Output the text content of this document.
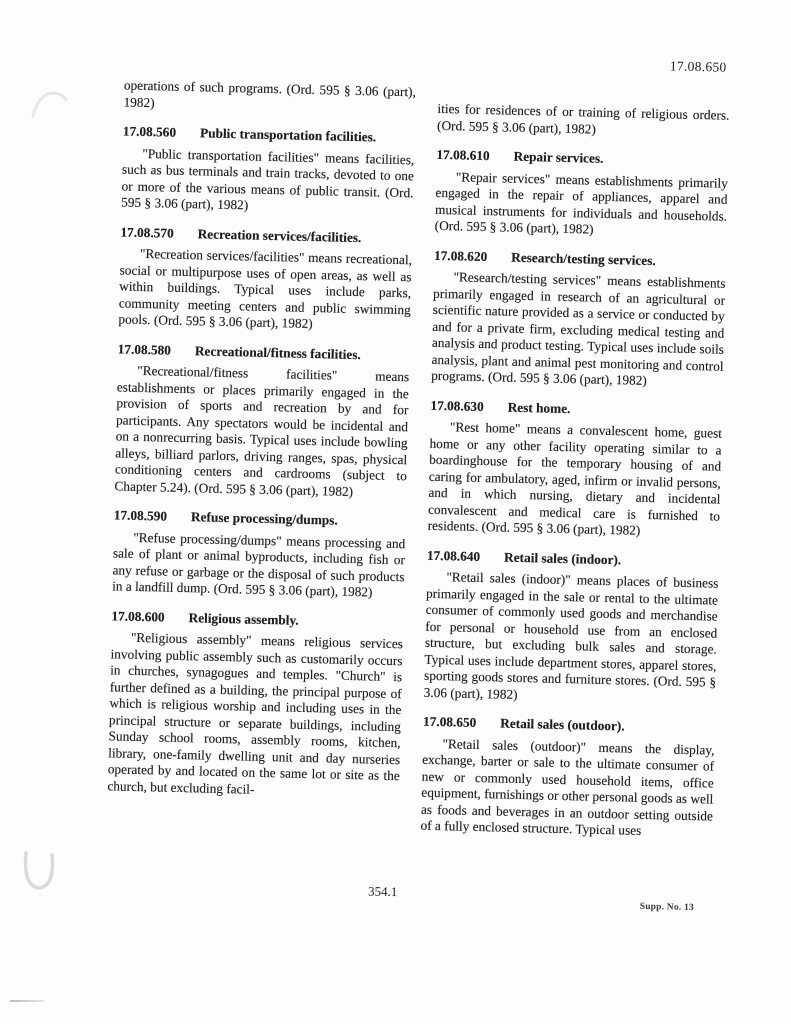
17.08.650

operations of such programs. (Ord. 595 § 3.06 (part), 1982)

17.08.560 Public transportation facilities.

"Public transportation facilities" means facilities, such as bus terminals and train tracks, devoted to one or more of the various means of public transit. (Ord. 595 § 3.06 (part), 1982)

17.08.570 Recreation services/facilities.

"Recreation services/facilities" means recreational, social or multipurpose uses of open areas, as well as within buildings. Typical uses include parks, community meeting centers and public swimming pools. (Ord. 595 § 3.06 (part), 1982)

17.08.580 Recreational/fitness facilities.

"Recreational/fitness facilities" means establishments or places primarily engaged in the provision of sports and recreation by and for participants. Any spectators would be incidental and on a nonrecurring basis. Typical uses include bowling alleys, billiard parlors, driving ranges, spas, physical conditioning centers and cardrooms (subject to Chapter 5.24). (Ord. 595 § 3.06 (part), 1982)

17.08.590 Refuse processing/dumps.

"Refuse processing/dumps" means processing and sale of plant or animal byproducts, including fish or any refuse or garbage or the disposal of such products in a landfill dump. (Ord. 595 § 3.06 (part), 1982)

17.08.600 Religious assembly.

"Religious assembly" means religious services involving public assembly such as customarily occurs in churches, synagogues and temples. "Church" is further defined as a building, the principal purpose of which is religious worship and including uses in the principal structure or separate buildings, including Sunday school rooms, assembly rooms, kitchen, library, one-family dwelling unit and day nurseries operated by and located on the same lot or site as the church, but excluding facil-

ities for residences of or training of religious orders. (Ord. 595 § 3.06 (part), 1982)

17.08.610 Repair services.

"Repair services" means establishments primarily engaged in the repair of appliances, apparel and musical instruments for individuals and households. (Ord. 595 § 3.06 (part), 1982)

17.08.620 Research/testing services.

"Research/testing services" means establishments primarily engaged in research of an agricultural or scientific nature provided as a service or conducted by and for a private firm, excluding medical testing and analysis and product testing. Typical uses include soils analysis, plant and animal pest monitoring and control programs. (Ord. 595 § 3.06 (part), 1982)

17.08.630 Rest home.

"Rest home" means a convalescent home, guest home or any other facility operating similar to a boardinghouse for the temporary housing of and caring for ambulatory, aged, infirm or invalid persons, and in which nursing, dietary and incidental convalescent and medical care is furnished to residents. (Ord. 595 § 3.06 (part), 1982)

17.08.640 Retail sales (indoor).

"Retail sales (indoor)" means places of business primarily engaged in the sale or rental to the ultimate consumer of commonly used goods and merchandise for personal or household use from an enclosed structure, but excluding bulk sales and storage. Typical uses include department stores, apparel stores, sporting goods stores and furniture stores. (Ord. 595 § 3.06 (part), 1982)

17.08.650 Retail sales (outdoor).

"Retail sales (outdoor)" means the display, exchange, barter or sale to the ultimate consumer of new or commonly used household items, office equipment, furnishings or other personal goods as well as foods and beverages in an outdoor setting outside of a fully enclosed structure. Typical uses

354.1
Supp. No. 13
